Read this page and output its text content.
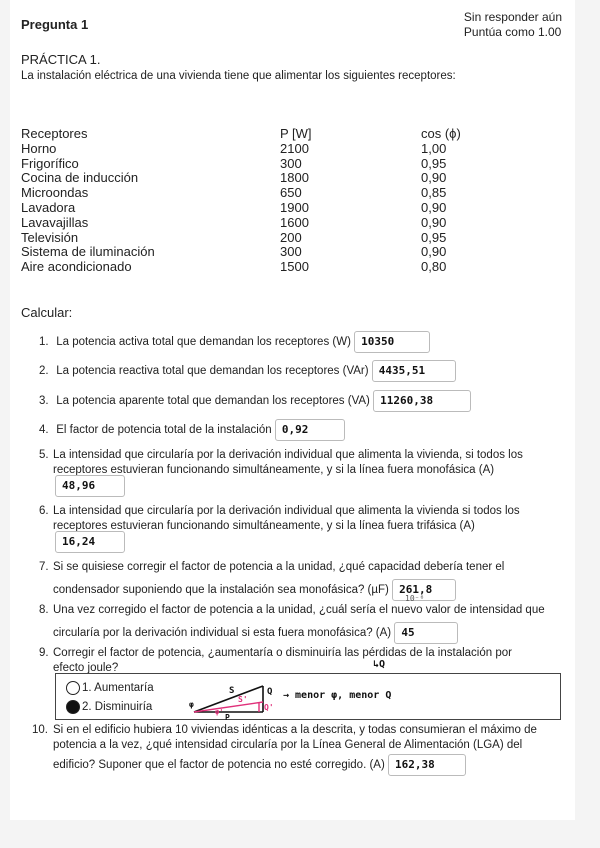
Pregunta 1	Sin responder aún
Puntúa como 1.00
PRÁCTICA 1.
La instalación eléctrica de una vivienda tiene que alimentar los siguientes receptores:
Receptores	P [W]	cos (ϕ)
Horno	2100	1,00
Frigorífico	300	0,95
Cocina de inducción	1800	0,90
Microondas	650	0,85
Lavadora	1900	0,90
Lavavajillas	1600	0,90
Televisión	200	0,95
Sistema de iluminación	300	0,90
Aire acondicionado	1500	0,80
Calcular:
1. La potencia activa total que demandan los receptores (W) 10350
2. La potencia reactiva total que demandan los receptores (VAr) 4435,51
3. La potencia aparente total que demandan los receptores (VA) 11260,38
4. El factor de potencia total de la instalación 0,92
5. La intensidad que circularía por la derivación individual que alimenta la vivienda, si todos los
receptores estuvieran funcionando simultáneamente, y si la línea fuera monofásica (A)
48,96
6. La intensidad que circularía por la derivación individual que alimenta la vivienda si todos los
receptores estuvieran funcionando simultáneamente, y si la línea fuera trifásica (A)
16,24
7. Si se quisiese corregir el factor de potencia a la unidad, ¿qué capacidad debería tener el
condensador suponiendo que la instalación sea monofásica? (µF) 261,8
10⁻⁶
8. Una vez corregido el factor de potencia a la unidad, ¿cuál sería el nuevo valor de intensidad que
circularía por la derivación individual si esta fuera monofásica? (A) 45
9. Corregir el factor de potencia, ¿aumentaría o disminuiría las pérdidas de la instalación por
efecto joule?	↳Q
1. Aumentaría
2. Disminuiría
S	Q
P
Q'
S'
φ
φ'
→ menor φ, menor Q
10. Si en el edificio hubiera 10 viviendas idénticas a la descrita, y todas consumieran el máximo de
potencia a la vez, ¿qué intensidad circularía por la Línea General de Alimentación (LGA) del
edificio? Suponer que el factor de potencia no esté corregido. (A) 162,38
